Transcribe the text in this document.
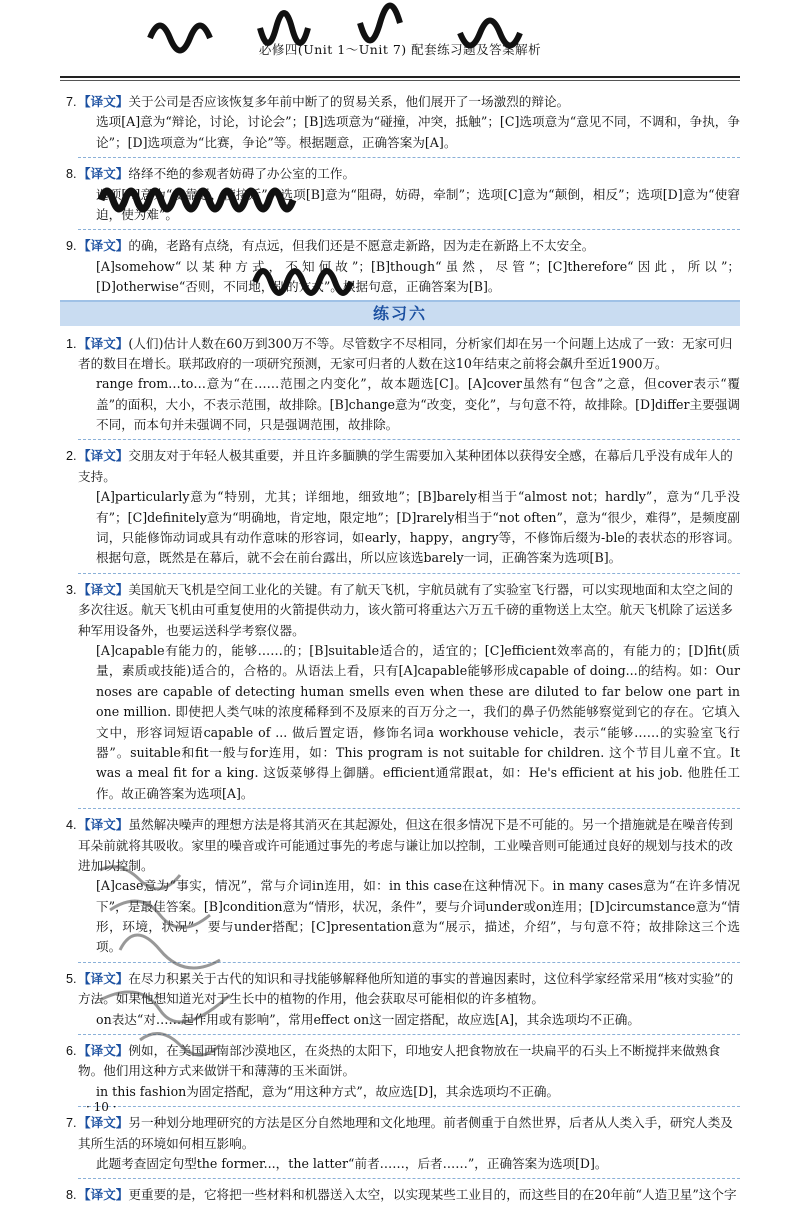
必修四(Unit 1～Unit 7) 配套练习题及答案解析
7. 【译文】关于公司是否应该恢复多年前中断了的贸易关系，他们展开了一场激烈的辩论。
选项[A]意为“辩论，讨论，讨论会”；[B]选项意为“碰撞，冲突，抵触”；[C]选项意为“意见不同，不调和，争执，争论”；[D]选项意为“比赛，争论”等。根据题意，正确答案为[A]。
8. 【译文】络绎不绝的参观者妨碍了办公室的工作。
选项[A]意为“使靠近，使接近”；选项[B]意为“阻碍，妨碍，牵制”；选项[C]意为“颠倒，相反”；选项[D]意为“使窘迫，使为难”。
9. 【译文】的确，老路有点绕，有点远，但我们还是不愿意走新路，因为走在新路上不太安全。
[A]somehow“以某种方式，不知何故”；[B]though“虽然，尽管”；[C]therefore“因此，所以”；[D]otherwise“否则，不同地，别的方式”。根据句意，正确答案为[B]。
练习六
1. 【译文】(人们)估计人数在60万到300万不等。尽管数字不尽相同，分析家们却在另一个问题上达成了一致：无家可归者的数目在增长。联邦政府的一项研究预测，无家可归者的人数在这10年结束之前将会飙升至近1900万。
range from…to…意为“在……范围之内变化”，故本题选[C]。[A]cover虽然有“包含”之意，但cover表示“覆盖”的面积，大小，不表示范围，故排除。[B]change意为“改变，变化”，与句意不符，故排除。[D]differ主要强调不同，而本句并未强调不同，只是强调范围，故排除。
2. 【译文】交朋友对于年轻人极其重要，并且许多腼腆的学生需要加入某种团体以获得安全感，在幕后几乎没有成年人的支持。
[A]particularly意为“特别，尤其；详细地，细致地”；[B]barely相当于“almost not；hardly”，意为“几乎没有”；[C]definitely意为“明确地，肯定地，限定地”；[D]rarely相当于“not often”，意为“很少，难得”，是频度副词，只能修饰动词或具有动作意味的形容词，如early，happy，angry等，不修饰后缀为-ble的表状态的形容词。根据句意，既然是在幕后，就不会在前台露出，所以应该选barely一词，正确答案为选项[B]。
3. 【译文】美国航天飞机是空间工业化的关键。有了航天飞机，宇航员就有了实验室飞行器，可以实现地面和太空之间的多次往返。航天飞机由可重复使用的火箭提供动力，该火箭可将重达六万五千磅的重物送上太空。航天飞机除了运送多种军用设备外，也要运送科学考察仪器。
[A]capable有能力的，能够……的；[B]suitable适合的，适宜的；[C]efficient效率高的，有能力的；[D]fit(质量，素质或技能)适合的，合格的。从语法上看，只有[A]capable能够形成capable of doing...的结构。如：Our noses are capable of detecting human smells even when these are diluted to far below one part in one million. 即使把人类气味的浓度稀释到不及原来的百万分之一，我们的鼻子仍然能够察觉到它的存在。它填入文中，形容词短语capable of ... 做后置定语，修饰名词a workhouse vehicle，表示“能够……的实验室飞行器”。suitable和fit一般与for连用，如：This program is not suitable for children. 这个节目儿童不宜。It was a meal fit for a king. 这饭菜够得上御膳。efficient通常跟at，如：He's efficient at his job. 他胜任工作。故正确答案为选项[A]。
4. 【译文】虽然解决噪声的理想方法是将其消灭在其起源处，但这在很多情况下是不可能的。另一个措施就是在噪音传到耳朵前就将其吸收。家里的噪音或许可能通过事先的考虑与谦让加以控制，工业噪音则可能通过良好的规划与技术的改进加以控制。
[A]case意为“事实，情况”，常与介词in连用，如：in this case在这种情况下。in many cases意为“在许多情况下”，是最佳答案。[B]condition意为“情形，状况，条件”，要与介词under或on连用；[D]circumstance意为“情形，环境，状况”，要与under搭配；[C]presentation意为“展示，描述，介绍”，与句意不符；故排除这三个选项。
5. 【译文】在尽力积累关于古代的知识和寻找能够解释他所知道的事实的普遍因素时，这位科学家经常采用“核对实验”的方法。如果他想知道光对于生长中的植物的作用，他会获取尽可能相似的许多植物。
on表达“对……起作用或有影响”，常用effect on这一固定搭配，故应选[A]，其余选项均不正确。
6. 【译文】例如，在美国西南部沙漠地区，在炎热的太阳下，印地安人把食物放在一块扁平的石头上不断搅拌来做熟食物。他们用这种方式来做饼干和薄薄的玉米面饼。
in this fashion为固定搭配，意为“用这种方式”，故应选[D]，其余选项均不正确。
7. 【译文】另一种划分地理研究的方法是区分自然地理和文化地理。前者侧重于自然世界，后者从人类入手，研究人类及其所生活的环境如何相互影响。
此题考查固定句型the former...，the latter“前者……，后者……”，正确答案为选项[D]。
8. 【译文】更重要的是，它将把一些材料和机器送入太空，以实现某些工业目的，而这些目的在20年前“人造卫星”这个字
· 10 ·
